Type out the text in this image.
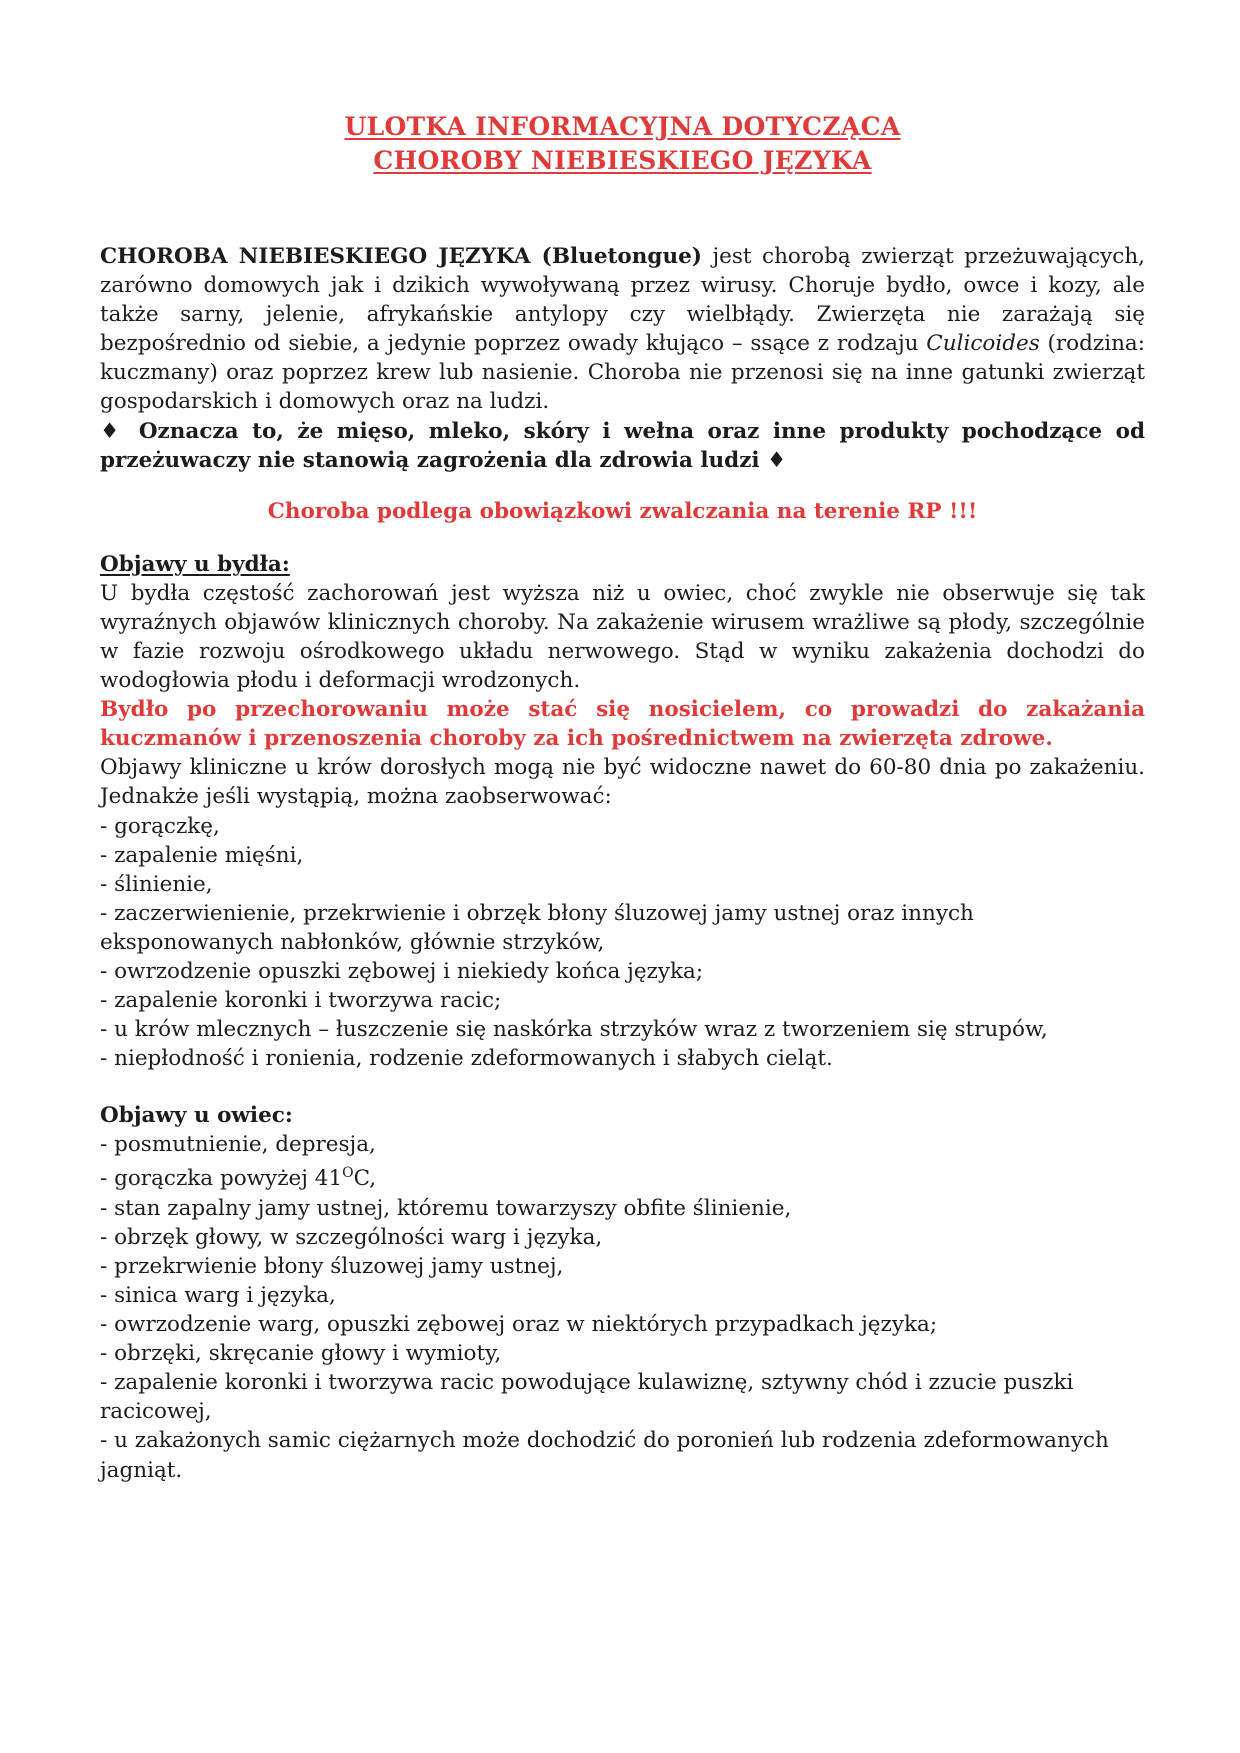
ULOTKA INFORMACYJNA DOTYCZĄCA
CHOROBY NIEBIESKIEGO JĘZYKA

CHOROBA NIEBIESKIEGO JĘZYKA (Bluetongue) jest chorobą zwierząt przeżuwających, zarówno domowych jak i dzikich wywoływaną przez wirusy. Choruje bydło, owce i kozy, ale także sarny, jelenie, afrykańskie antylopy czy wielbłądy. Zwierzęta nie zarażają się bezpośrednio od siebie, a jedynie poprzez owady kłująco – ssące z rodzaju Culicoides (rodzina: kuczmany) oraz poprzez krew lub nasienie. Choroba nie przenosi się na inne gatunki zwierząt gospodarskich i domowych oraz na ludzi.

♦ Oznacza to, że mięso, mleko, skóry i wełna oraz inne produkty pochodzące od przeżuwaczy nie stanowią zagrożenia dla zdrowia ludzi ♦

Choroba podlega obowiązkowi zwalczania na terenie RP !!!

Objawy u bydła:

U bydła częstość zachorowań jest wyższa niż u owiec, choć zwykle nie obserwuje się tak wyraźnych objawów klinicznych choroby. Na zakażenie wirusem wrażliwe są płody, szczególnie w fazie rozwoju ośrodkowego układu nerwowego. Stąd w wyniku zakażenia dochodzi do wodogłowia płodu i deformacji wrodzonych.

Bydło po przechorowaniu może stać się nosicielem, co prowadzi do zakażania kuczmanów i przenoszenia choroby za ich pośrednictwem na zwierzęta zdrowe.

Objawy kliniczne u krów dorosłych mogą nie być widoczne nawet do 60-80 dnia po zakażeniu. Jednakże jeśli wystąpią, można zaobserwować:

- gorączkę,
- zapalenie mięśni,
- ślinienie,
- zaczerwienienie, przekrwienie i obrzęk błony śluzowej jamy ustnej oraz innych eksponowanych nabłonków, głównie strzyków,
- owrzodzenie opuszki zębowej i niekiedy końca języka;
- zapalenie koronki i tworzywa racic;
- u krów mlecznych – łuszczenie się naskórka strzyków wraz z tworzeniem się strupów,
- niepłodność i ronienia, rodzenie zdeformowanych i słabych cieląt.

Objawy u owiec:

- posmutnienie, depresja,
- gorączka powyżej $41^OC$,
- stan zapalny jamy ustnej, któremu towarzyszy obfite ślinienie,
- obrzęk głowy, w szczególności warg i języka,
- przekrwienie błony śluzowej jamy ustnej,
- sinica warg i języka,
- owrzodzenie warg, opuszki zębowej oraz w niektórych przypadkach języka;
- obrzęki, skręcanie głowy i wymioty,
- zapalenie koronki i tworzywa racic powodujące kulawiznę, sztywny chód i zzucie puszki racicowej,
- u zakażonych samic ciężarnych może dochodzić do poronień lub rodzenia zdeformowanych jagniąt.
